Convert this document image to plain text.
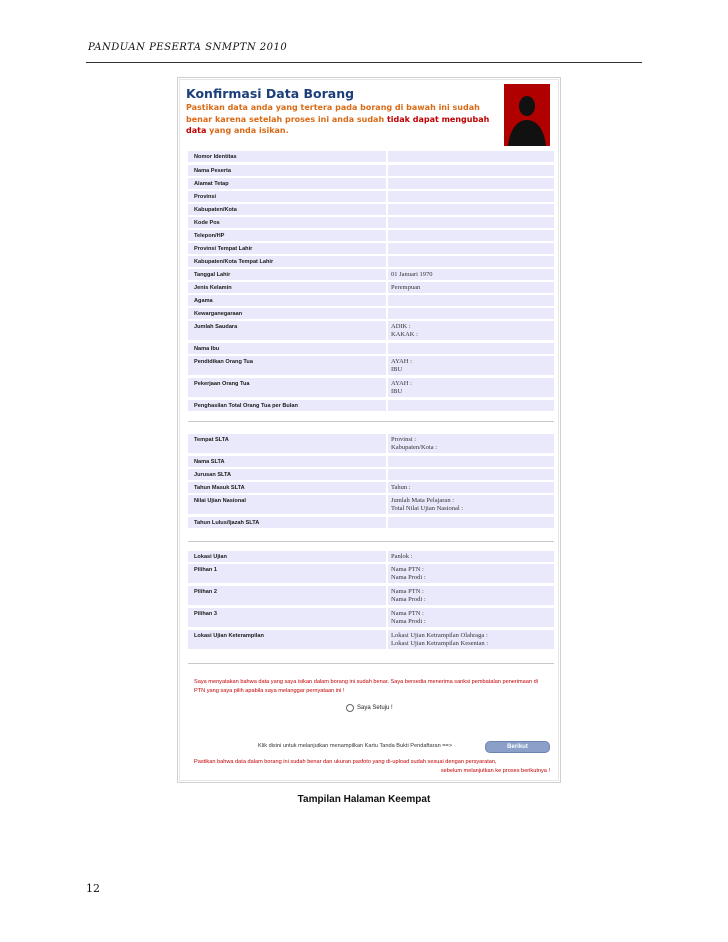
PANDUAN PESERTA SNMPTN 2010
Konfirmasi Data Borang
Pastikan data anda yang tertera pada borang di bawah ini sudah benar karena setelah proses ini anda sudah tidak dapat mengubah data yang anda isikan.
Nomor Identitas
Nama Peserta
Alamat Tetap
Provinsi
Kabupaten/Kota
Kode Pos
Telepon/HP
Provinsi Tempat Lahir
Kabupaten/Kota Tempat Lahir
Tanggal Lahir	01 Januari 1970
Jenis Kelamin	Perempuan
Agama
Kewarganegaraan
Jumlah Saudara	ADIK :
KAKAK :
Nama Ibu
Pendidikan Orang Tua	AYAH :
IBU
Pekerjaan Orang Tua	AYAH :
IBU
Penghasilan Total Orang Tua per Bulan
Tempat SLTA	Provinsi :
Kabupaten/Kota :
Nama SLTA
Jurusan SLTA
Tahun Masuk SLTA	Tahun :
Nilai Ujian Nasional	Jumlah Mata Pelajaran :
Total Nilai Ujian Nasional :
Tahun Lulus/Ijazah SLTA
Lokasi Ujian	Panlok :
Pilihan 1	Nama PTN :
Nama Prodi :
Pilihan 2	Nama PTN :
Nama Prodi :
Pilihan 3	Nama PTN :
Nama Prodi :
Lokasi Ujian Keterampilan	Lokasi Ujian Ketrampilan Olahraga :
Lokasi Ujian Ketrampilan Kesenian :
Saya menyatakan bahwa data yang saya isikan dalam borang ini sudah benar. Saya bersedia menerima sanksi pembatalan penerimaan di PTN yang saya pilih apabila saya melanggar pernyataan ini !
Saya Setuju !
Klik disini untuk melanjutkan menampilkan Kartu Tanda Bukti Pendaftaran ==>	Berikut
Pastikan bahwa data dalam borang ini sudah benar dan ukuran pasfoto yang di-upload sudah sesuai dengan persyaratan,
sebelum melanjutkan ke proses berikutnya !
Tampilan Halaman Keempat
12
